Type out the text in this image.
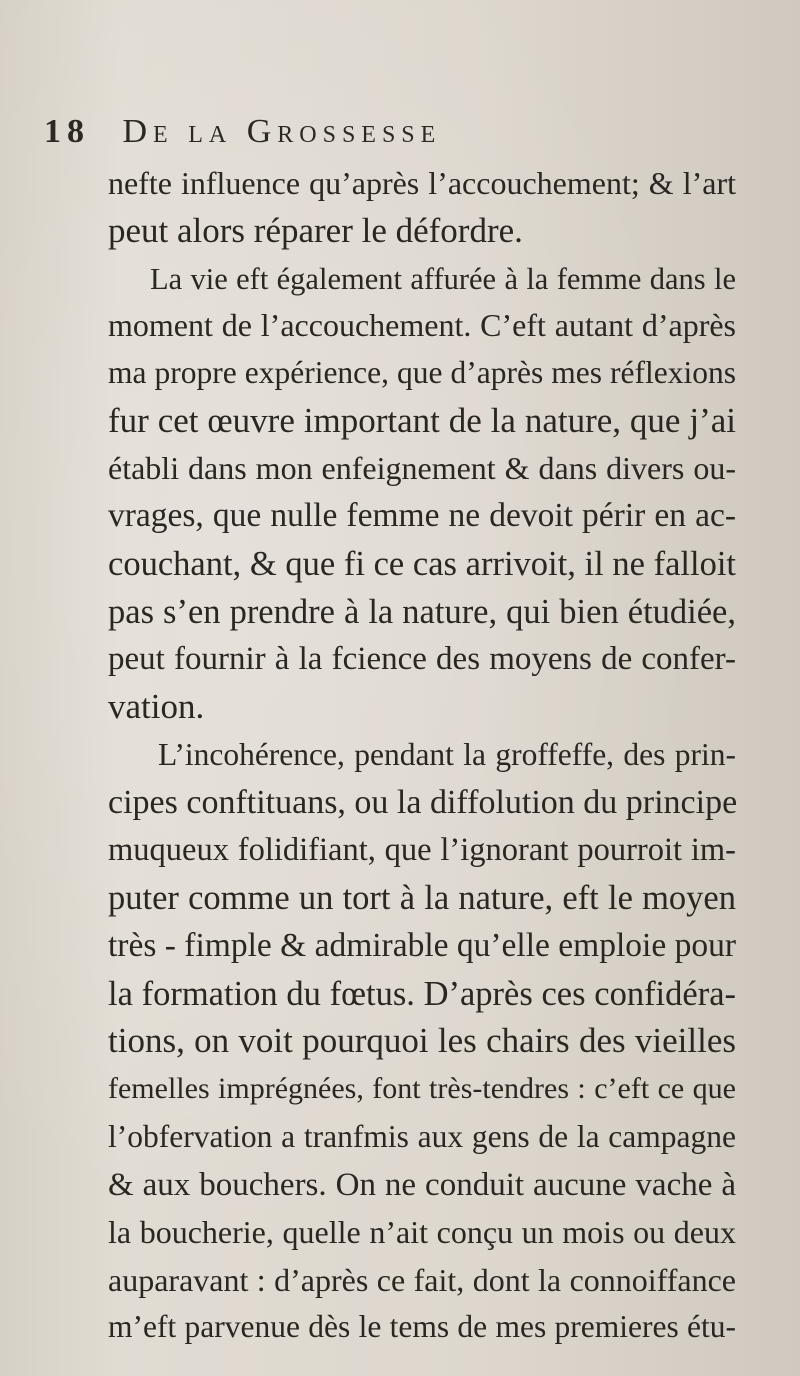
18 De la Grossesse
nefte influence qu’après l’accouchement; & l’art
peut alors réparer le défordre.
La vie eft également affurée à la femme dans le
moment de l’accouchement. C’eft autant d’après
ma propre expérience, que d’après mes réflexions
fur cet œuvre important de la nature, que j’ai
établi dans mon enfeignement & dans divers ou-
vrages, que nulle femme ne devoit périr en ac-
couchant, & que fi ce cas arrivoit, il ne falloit
pas s’en prendre à la nature, qui bien étudiée,
peut fournir à la fcience des moyens de confer-
vation.
L’incohérence, pendant la groffeffe, des prin-
cipes conftituans, ou la diffolution du principe
muqueux folidifiant, que l’ignorant pourroit im-
puter comme un tort à la nature, eft le moyen
très - fimple & admirable qu’elle emploie pour
la formation du fœtus. D’après ces confidéra-
tions, on voit pourquoi les chairs des vieilles
femelles imprégnées, font très-tendres : c’eft ce que
l’obfervation a tranfmis aux gens de la campagne
& aux bouchers. On ne conduit aucune vache à
la boucherie, quelle n’ait conçu un mois ou deux
auparavant : d’après ce fait, dont la connoiffance
m’eft parvenue dès le tems de mes premieres étu-
